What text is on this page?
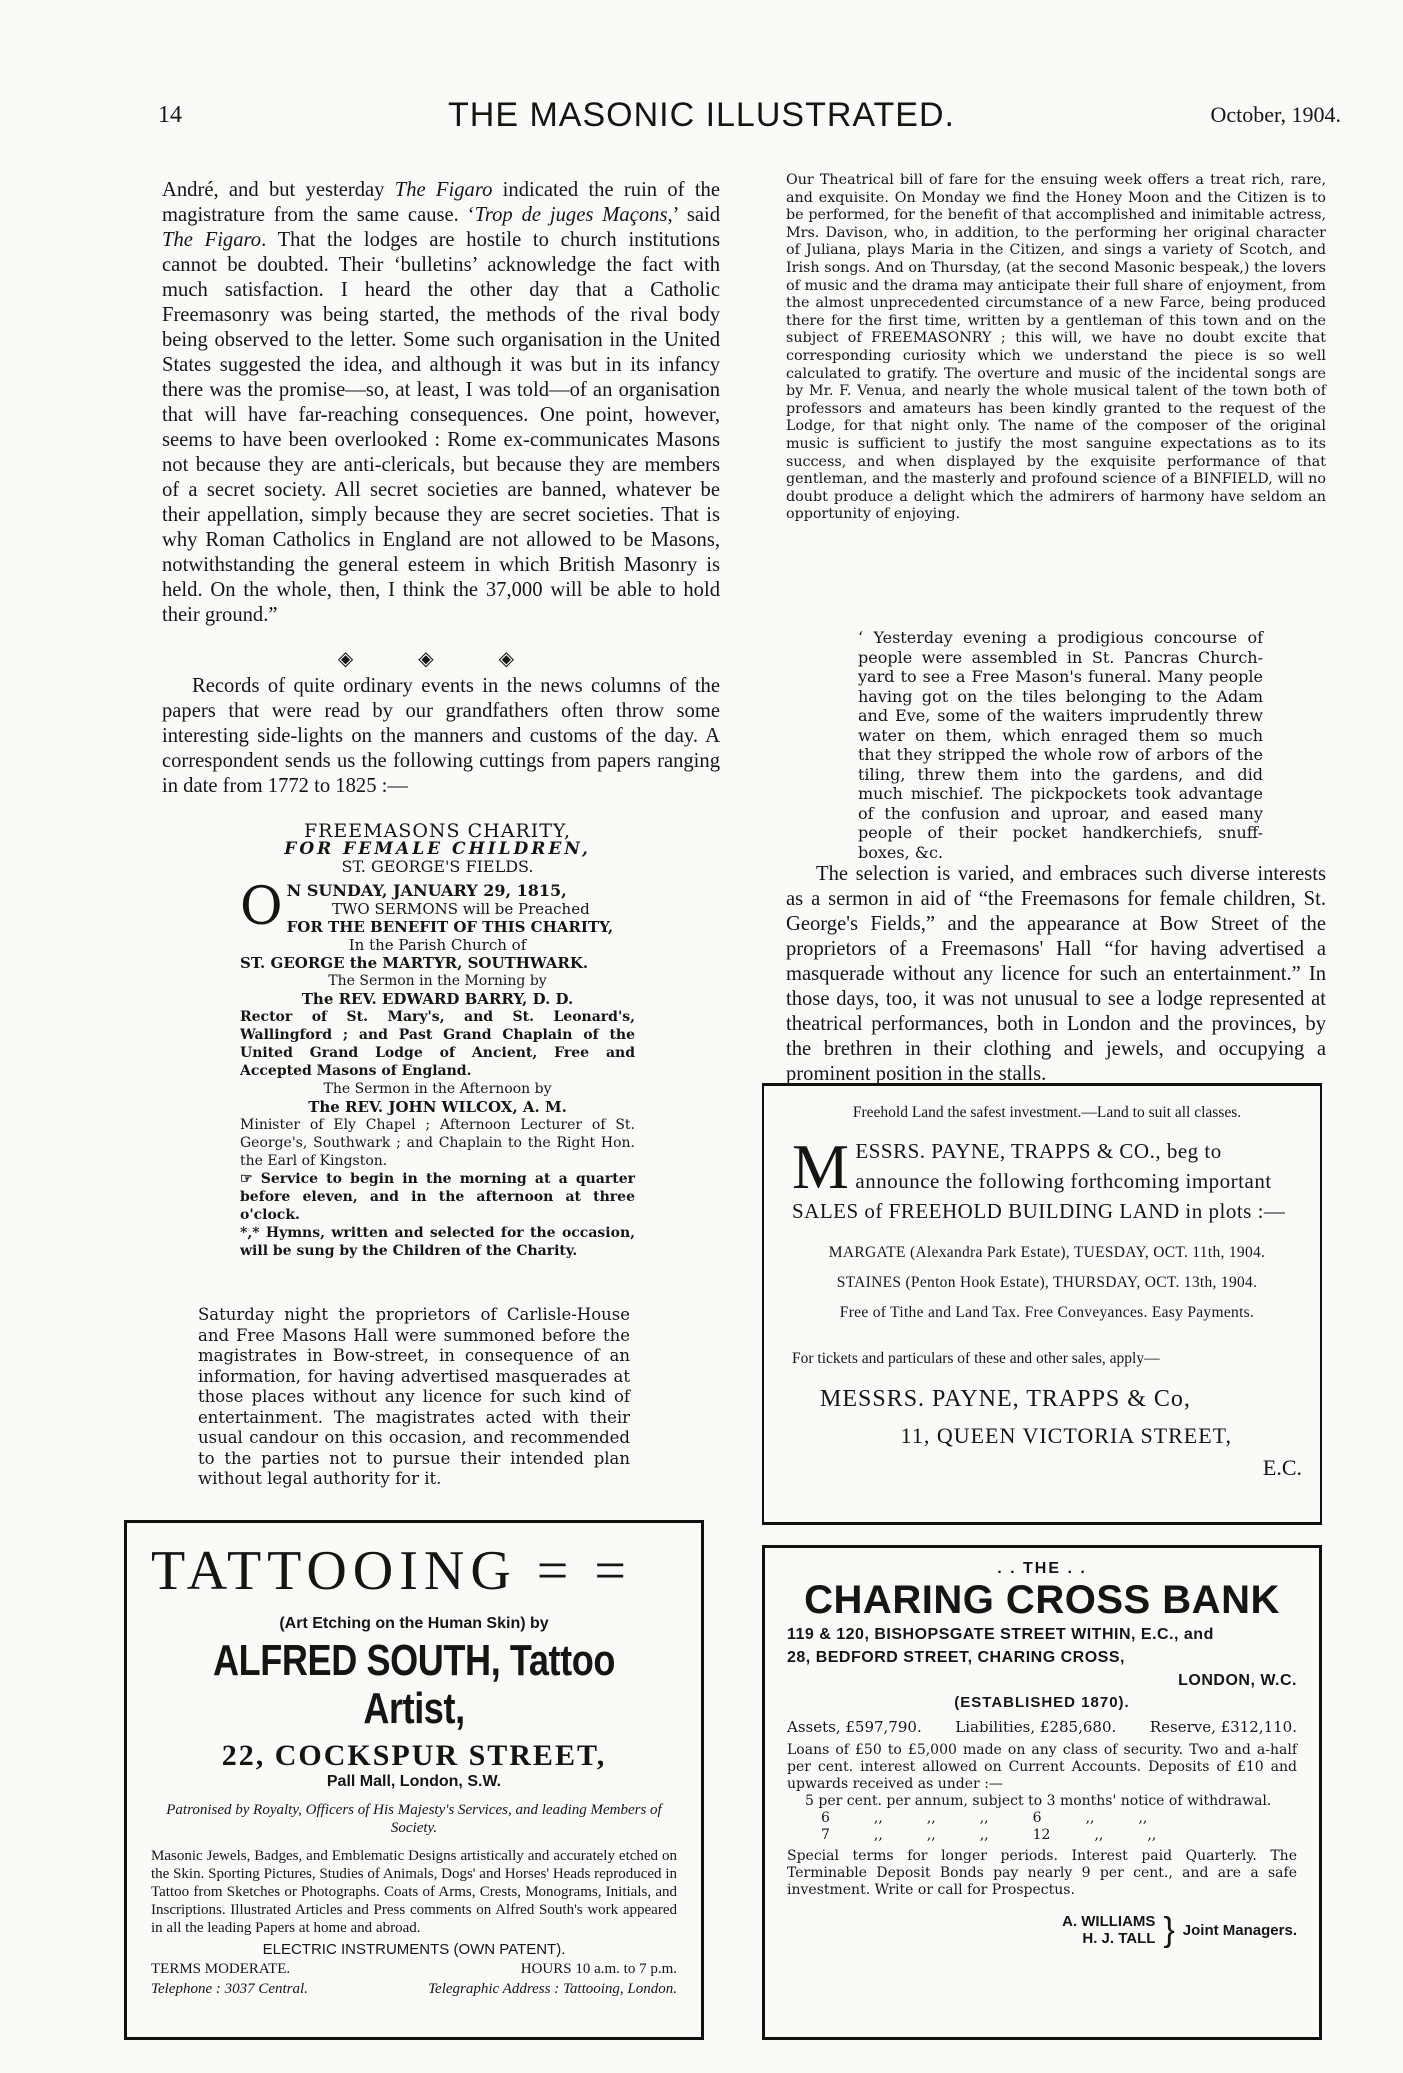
14	THE MASONIC ILLUSTRATED.	October, 1904.

André, and but yesterday The Figaro indicated the ruin of the magistrature from the same cause. ‘Trop de juges Maçons,’ said The Figaro. That the lodges are hostile to church institutions cannot be doubted. Their ‘bulletins’ acknowledge the fact with much satisfaction. I heard the other day that a Catholic Freemasonry was being started, the methods of the rival body being observed to the letter. Some such organisation in the United States suggested the idea, and although it was but in its infancy there was the promise—so, at least, I was told—of an organisation that will have far-reaching consequences. One point, however, seems to have been overlooked : Rome ex-communicates Masons not because they are anti-clericals, but because they are members of a secret society. All secret societies are banned, whatever be their appellation, simply because they are secret societies. That is why Roman Catholics in England are not allowed to be Masons, notwithstanding the general esteem in which British Masonry is held. On the whole, then, I think the 37,000 will be able to hold their ground.”

◈ ◈ ◈

Records of quite ordinary events in the news columns of the papers that were read by our grandfathers often throw some interesting side-lights on the manners and customs of the day. A correspondent sends us the following cuttings from papers ranging in date from 1772 to 1825 :—

FREEMASONS CHARITY,
FOR FEMALE CHILDREN,
ST. GEORGE'S FIELDS.
O N SUNDAY, JANUARY 29, 1815,
TWO SERMONS will be Preached
FOR THE BENEFIT OF THIS CHARITY,
In the Parish Church of
ST. GEORGE the MARTYR, SOUTHWARK.
The Sermon in the Morning by
The REV. EDWARD BARRY, D. D.
Rector of St. Mary's, and St. Leonard's, Wallingford ; and Past Grand Chaplain of the United Grand Lodge of Ancient, Free and Accepted Masons of England.
The Sermon in the Afternoon by
The REV. JOHN WILCOX, A. M.
Minister of Ely Chapel ; Afternoon Lecturer of St. George's, Southwark ; and Chaplain to the Right Hon. the Earl of Kingston.
☞ Service to begin in the morning at a quarter before eleven, and in the afternoon at three o'clock.
*,* Hymns, written and selected for the occasion, will be sung by the Children of the Charity.
Saturday night the proprietors of Carlisle-House and Free Masons Hall were summoned before the magistrates in Bow-street, in consequence of an information, for having advertised masquerades at those places without any licence for such kind of entertainment. The magistrates acted with their usual candour on this occasion, and recommended to the parties not to pursue their intended plan without legal authority for it.
TATTOOING = =
(Art Etching on the Human Skin) by
ALFRED SOUTH, Tattoo Artist,
22, COCKSPUR STREET,
Pall Mall, London, S.W.
Patronised by Royalty, Officers of His Majesty's Services, and leading Members of Society.
Masonic Jewels, Badges, and Emblematic Designs artistically and accurately etched on the Skin. Sporting Pictures, Studies of Animals, Dogs' and Horses' Heads reproduced in Tattoo from Sketches or Photographs. Coats of Arms, Crests, Monograms, Initials, and Inscriptions. Illustrated Articles and Press comments on Alfred South's work appeared in all the leading Papers at home and abroad.
ELECTRIC INSTRUMENTS (OWN PATENT).
TERMS MODERATE.	HOURS 10 a.m. to 7 p.m.
Telephone : 3037 Central.	Telegraphic Address : Tattooing, London.
Our Theatrical bill of fare for the ensuing week offers a treat rich, rare, and exquisite. On Monday we find the Honey Moon and the Citizen is to be performed, for the benefit of that accomplished and inimitable actress, Mrs. Davison, who, in addition, to the performing her original character of Juliana, plays Maria in the Citizen, and sings a variety of Scotch, and Irish songs. And on Thursday, (at the second Masonic bespeak,) the lovers of music and the drama may anticipate their full share of enjoyment, from the almost unprecedented circumstance of a new Farce, being produced there for the first time, written by a gentleman of this town and on the subject of FREEMASONRY ; this will, we have no doubt excite that corresponding curiosity which we understand the piece is so well calculated to gratify. The overture and music of the incidental songs are by Mr. F. Venua, and nearly the whole musical talent of the town both of professors and amateurs has been kindly granted to the request of the Lodge, for that night only. The name of the composer of the original music is sufficient to justify the most sanguine expectations as to its success, and when displayed by the exquisite performance of that gentleman, and the masterly and profound science of a BINFIELD, will no doubt produce a delight which the admirers of harmony have seldom an opportunity of enjoying.
‘ Yesterday evening a prodigious concourse of people were assembled in St. Pancras Church-yard to see a Free Mason's funeral. Many people having got on the tiles belonging to the Adam and Eve, some of the waiters imprudently threw water on them, which enraged them so much that they stripped the whole row of arbors of the tiling, threw them into the gardens, and did much mischief. The pickpockets took advantage of the confusion and uproar, and eased many people of their pocket handkerchiefs, snuff-boxes, &c.

The selection is varied, and embraces such diverse interests as a sermon in aid of “the Freemasons for female children, St. George's Fields,” and the appearance at Bow Street of the proprietors of a Freemasons' Hall “for having advertised a masquerade without any licence for such an entertainment.” In those days, too, it was not unusual to see a lodge represented at theatrical performances, both in London and the provinces, by the brethren in their clothing and jewels, and occupying a prominent position in the stalls.

Freehold Land the safest investment.—Land to suit all classes.
M ESSRS. PAYNE, TRAPPS & CO., beg to announce the following forthcoming important SALES of FREEHOLD BUILDING LAND in plots :—
MARGATE (Alexandra Park Estate), TUESDAY, OCT. 11th, 1904.
STAINES (Penton Hook Estate), THURSDAY, OCT. 13th, 1904.
Free of Tithe and Land Tax. Free Conveyances. Easy Payments.
For tickets and particulars of these and other sales, apply—
MESSRS. PAYNE, TRAPPS & Co,
11, QUEEN VICTORIA STREET,
E.C.
. . THE . .
CHARING CROSS BANK
119 & 120, BISHOPSGATE STREET WITHIN, E.C., and
28, BEDFORD STREET, CHARING CROSS,
LONDON, W.C.
(ESTABLISHED 1870).
Assets, £597,790. Liabilities, £285,680. Reserve, £312,110.
Loans of £50 to £5,000 made on any class of security. Two and a-half per cent. interest allowed on Current Accounts. Deposits of £10 and upwards received as under :—
5 per cent. per annum, subject to 3 months' notice of withdrawal.
6	,,	,,	,,	6	,,	,,
7	,,	,,	,,	12	,,	,,
Special terms for longer periods. Interest paid Quarterly. The Terminable Deposit Bonds pay nearly 9 per cent., and are a safe investment. Write or call for Prospectus.
A. WILLIAMS
H. J. TALL } Joint Managers.
